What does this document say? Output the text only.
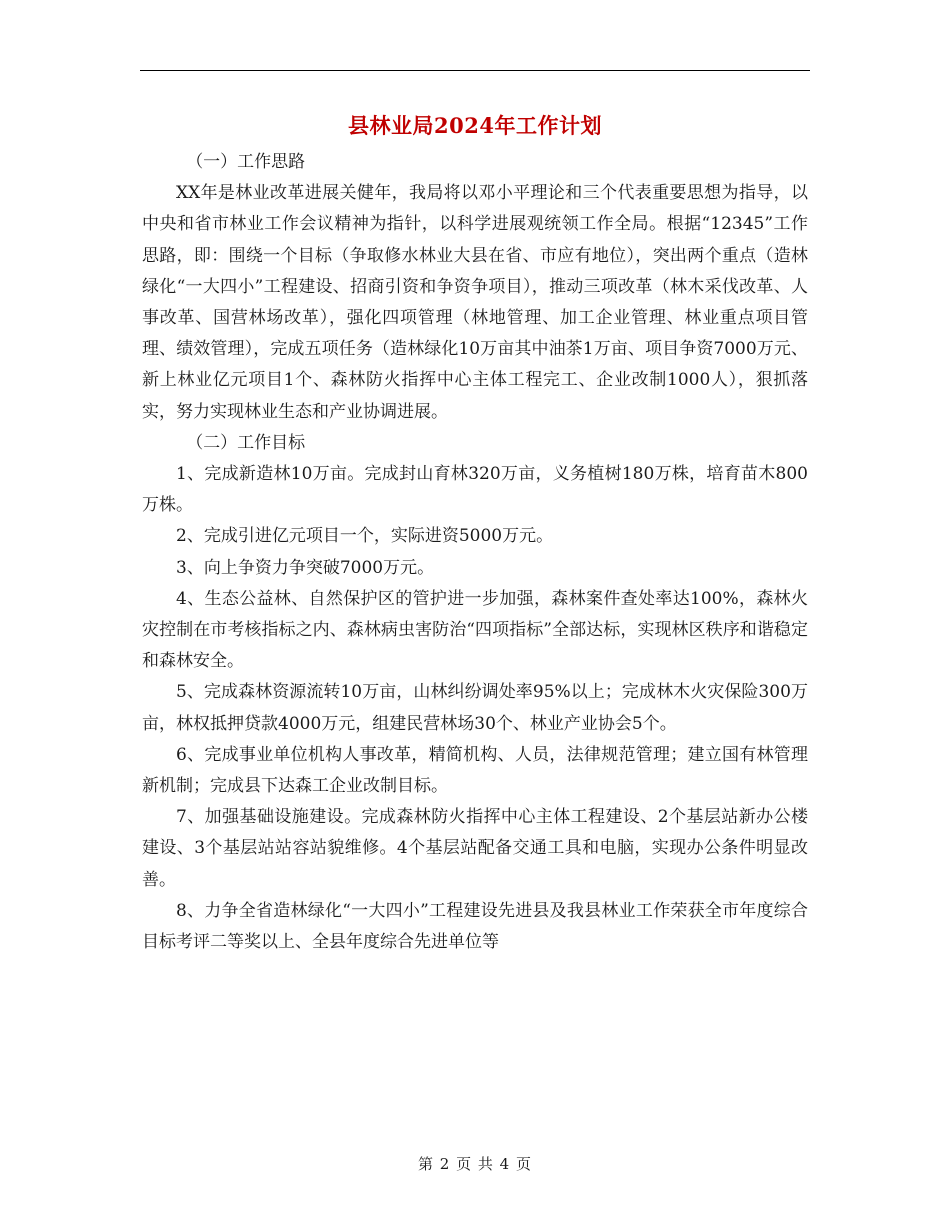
县林业局2024年工作计划

（一）工作思路

XX年是林业改革进展关健年，我局将以邓小平理论和三个代表重要思想为指导，以中央和省市林业工作会议精神为指针，以科学进展观统领工作全局。根据“12345”工作思路，即：围绕一个目标（争取修水林业大县在省、市应有地位），突出两个重点（造林绿化“一大四小”工程建设、招商引资和争资争项目），推动三项改革（林木采伐改革、人事改革、国营林场改革），强化四项管理（林地管理、加工企业管理、林业重点项目管理、绩效管理），完成五项任务（造林绿化10万亩其中油茶1万亩、项目争资7000万元、新上林业亿元项目1个、森林防火指挥中心主体工程完工、企业改制1000人），狠抓落实，努力实现林业生态和产业协调进展。

（二）工作目标

1、完成新造林10万亩。完成封山育林320万亩，义务植树180万株，培育苗木800万株。

2、完成引进亿元项目一个，实际进资5000万元。

3、向上争资力争突破7000万元。

4、生态公益林、自然保护区的管护进一步加强，森林案件查处率达100%，森林火灾控制在市考核指标之内、森林病虫害防治“四项指标”全部达标，实现林区秩序和谐稳定和森林安全。

5、完成森林资源流转10万亩，山林纠纷调处率95%以上；完成林木火灾保险300万亩，林权抵押贷款4000万元，组建民营林场30个、林业产业协会5个。

6、完成事业单位机构人事改革，精简机构、人员，法律规范管理；建立国有林管理新机制；完成县下达森工企业改制目标。

7、加强基础设施建设。完成森林防火指挥中心主体工程建设、2个基层站新办公楼建设、3个基层站站容站貌维修。4个基层站配备交通工具和电脑，实现办公条件明显改善。

8、力争全省造林绿化“一大四小”工程建设先进县及我县林业工作荣获全市年度综合目标考评二等奖以上、全县年度综合先进单位等

第 2 页 共 4 页
